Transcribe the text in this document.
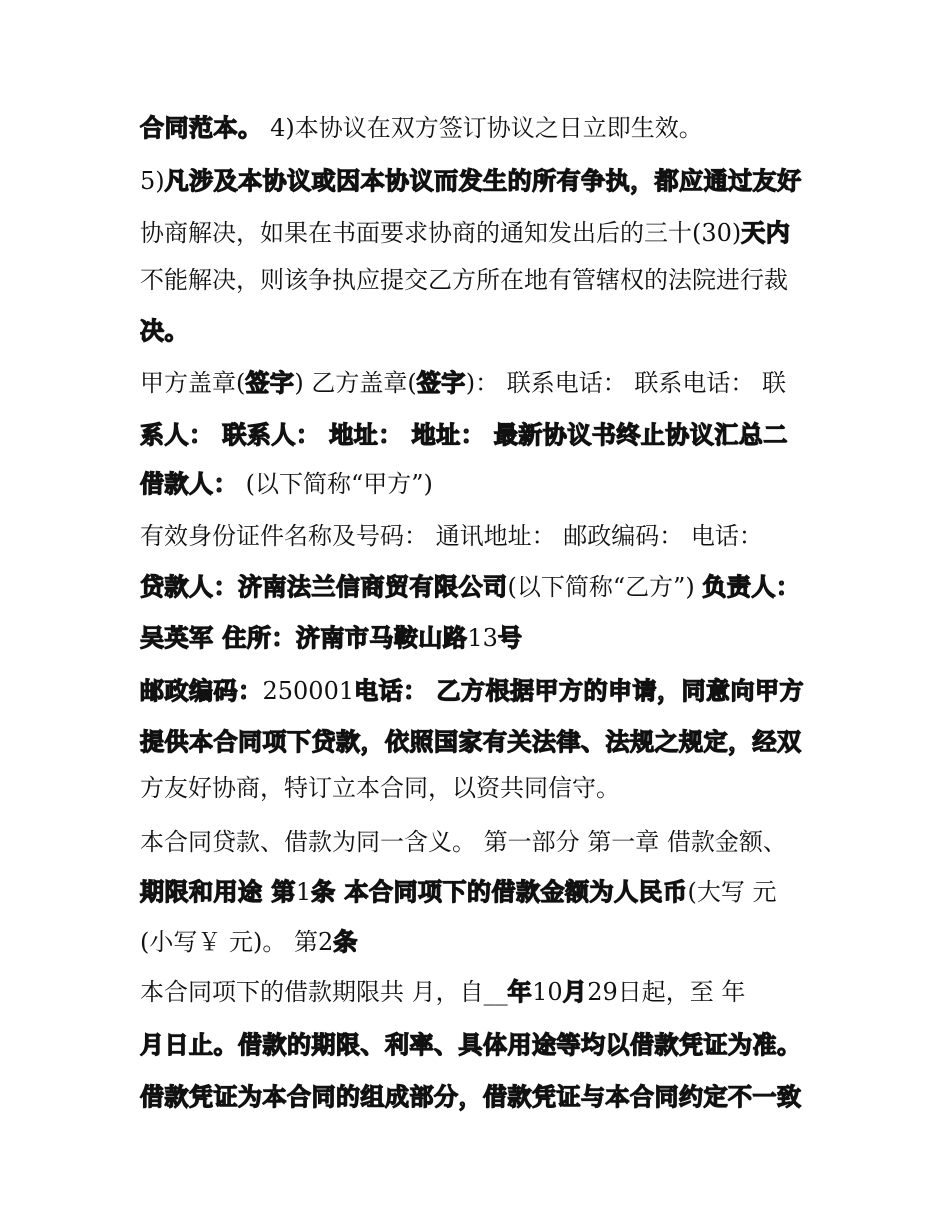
合同范本。 4)本协议在双方签订协议之日立即生效。
5)凡涉及本协议或因本协议而发生的所有争执，都应通过友好
协商解决，如果在书面要求协商的通知发出后的三十(30)天内
不能解决，则该争执应提交乙方所在地有管辖权的法院进行裁
决。
甲方盖章(签字) 乙方盖章(签字)： 联系电话： 联系电话： 联
系人： 联系人： 地址： 地址： 最新协议书终止协议汇总二
借款人： (以下简称“甲方”)
有效身份证件名称及号码： 通讯地址： 邮政编码： 电话：
贷款人：济南法兰信商贸有限公司(以下简称“乙方”) 负责人：
吴英军 住所：济南市马鞍山路13号
邮政编码：250001电话： 乙方根据甲方的申请，同意向甲方
提供本合同项下贷款，依照国家有关法律、法规之规定，经双
方友好协商，特订立本合同，以资共同信守。
本合同贷款、借款为同一含义。 第一部分 第一章 借款金额、
期限和用途 第1条 本合同项下的借款金额为人民币(大写 元
(小写￥ 元)。 第2条
本合同项下的借款期限共 月，自__年10月29日起，至 年
月日止。借款的期限、利率、具体用途等均以借款凭证为准。
借款凭证为本合同的组成部分，借款凭证与本合同约定不一致
